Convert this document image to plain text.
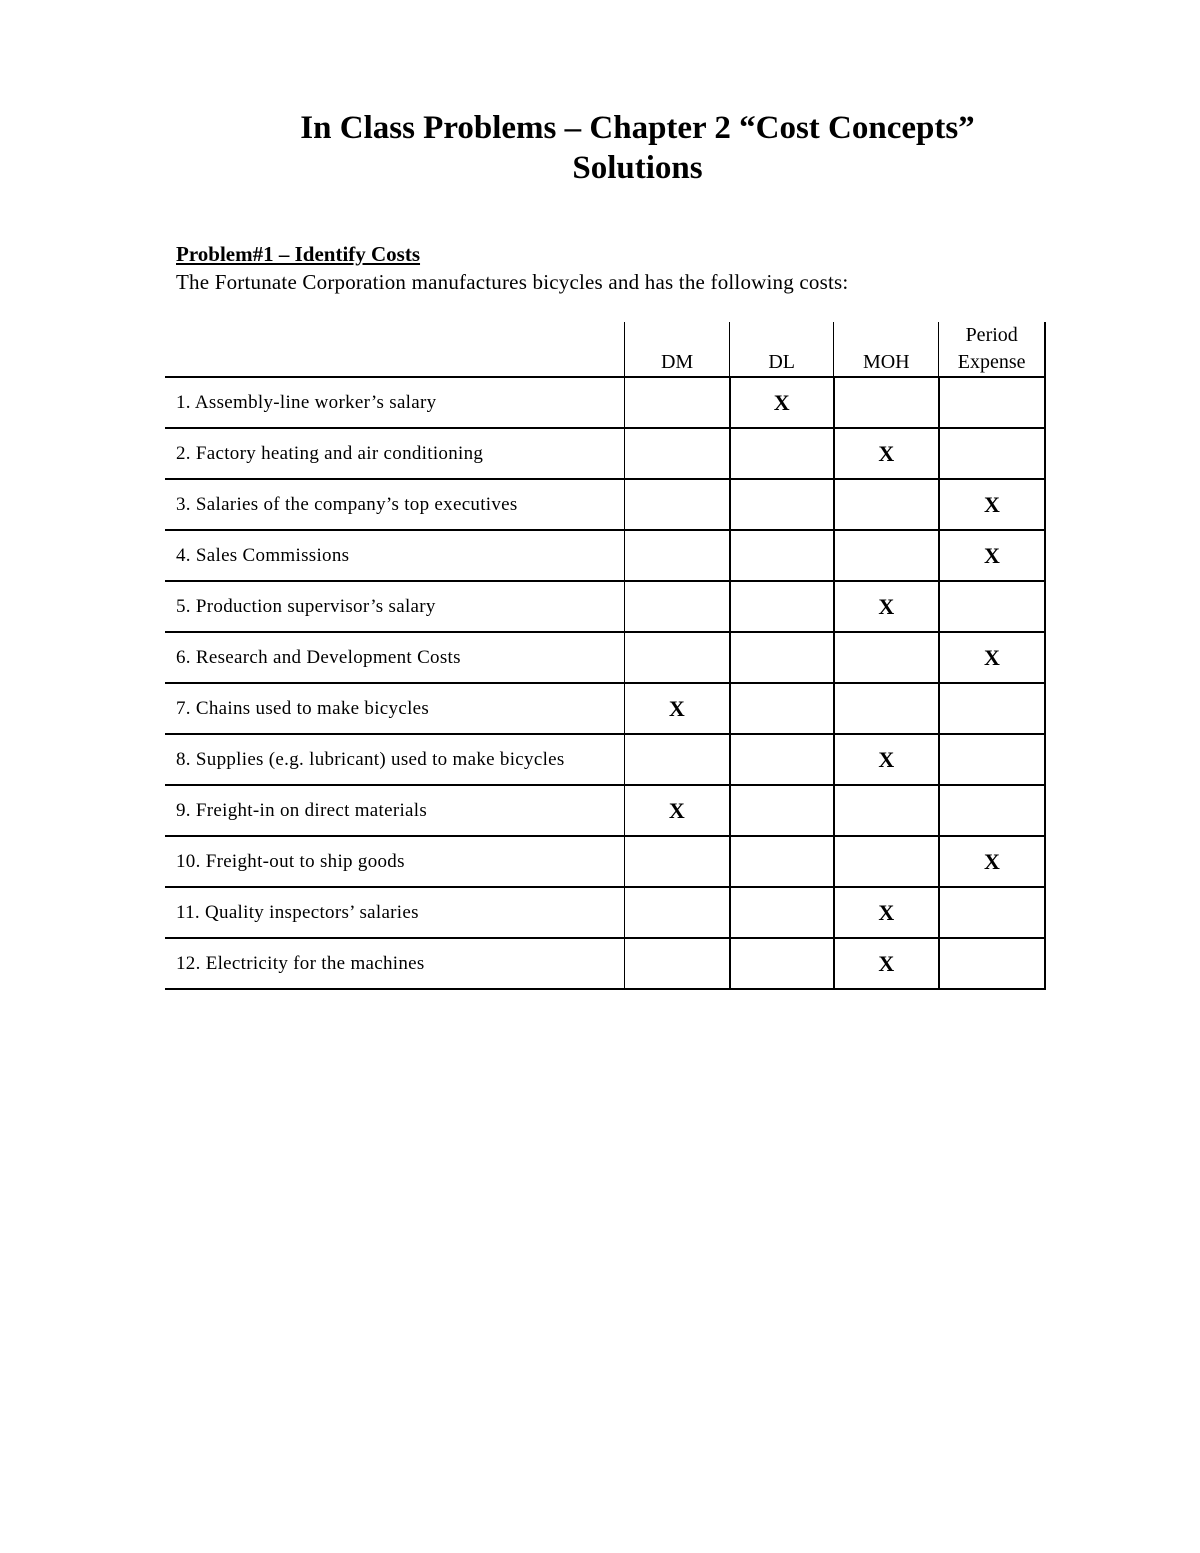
In Class Problems – Chapter 2 “Cost Concepts”
Solutions

Problem#1 – Identify Costs

The Fortunate Corporation manufactures bicycles and has the following costs:

	DM	DL	MOH	Period
Expense
1. Assembly-line worker’s salary		X		
2. Factory heating and air conditioning			X	
3. Salaries of the company’s top executives				X
4. Sales Commissions				X
5. Production supervisor’s salary			X	
6. Research and Development Costs				X
7. Chains used to make bicycles	X			
8. Supplies (e.g. lubricant) used to make bicycles			X	
9. Freight-in on direct materials	X			
10. Freight-out to ship goods				X
11. Quality inspectors’ salaries			X	
12. Electricity for the machines			X	
